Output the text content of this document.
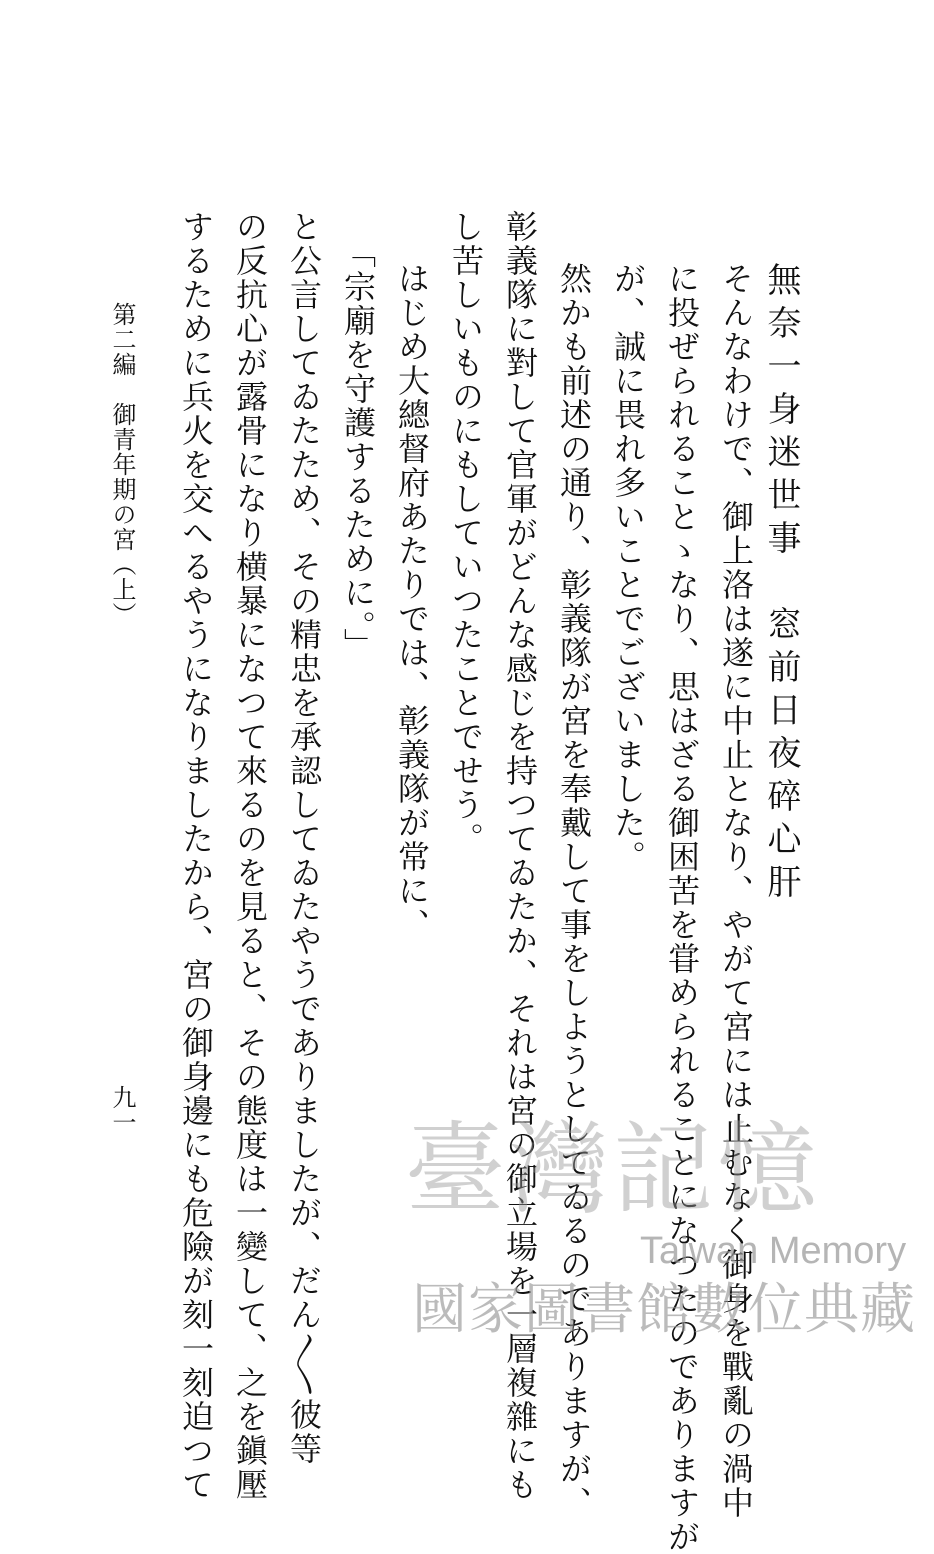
無奈一身迷世事　窓前日夜碎心肝
そんなわけで、御上洛は遂に中止となり、やがて宮には止むなく御身を戰亂の渦中
に投ぜられることゝなり、思はざる御困苦を甞められることになつたのでありますが
が、誠に畏れ多いことでございました。
然かも前述の通り、彰義隊が宮を奉戴して事をしようとしてゐるのでありますが、
彰義隊に對して官軍がどんな感じを持つてゐたか、それは宮の御立場を一層複雜にも
し苦しいものにもしていつたことでせう。
はじめ大總督府あたりでは、彰義隊が常に、
「宗廟を守護するために。」
と公言してゐたため、その精忠を承認してゐたやうでありましたが、だん〳〵彼等
の反抗心が露骨になり横暴になつて來るのを見ると、その態度は一變して、之を鎭壓
するために兵火を交へるやうになりましたから、宮の御身邊にも危險が刻一刻迫つて
第二編　御青年期の宮（上）
九一
臺灣記憶
Taiwan Memory
國家圖書館數位典藏
